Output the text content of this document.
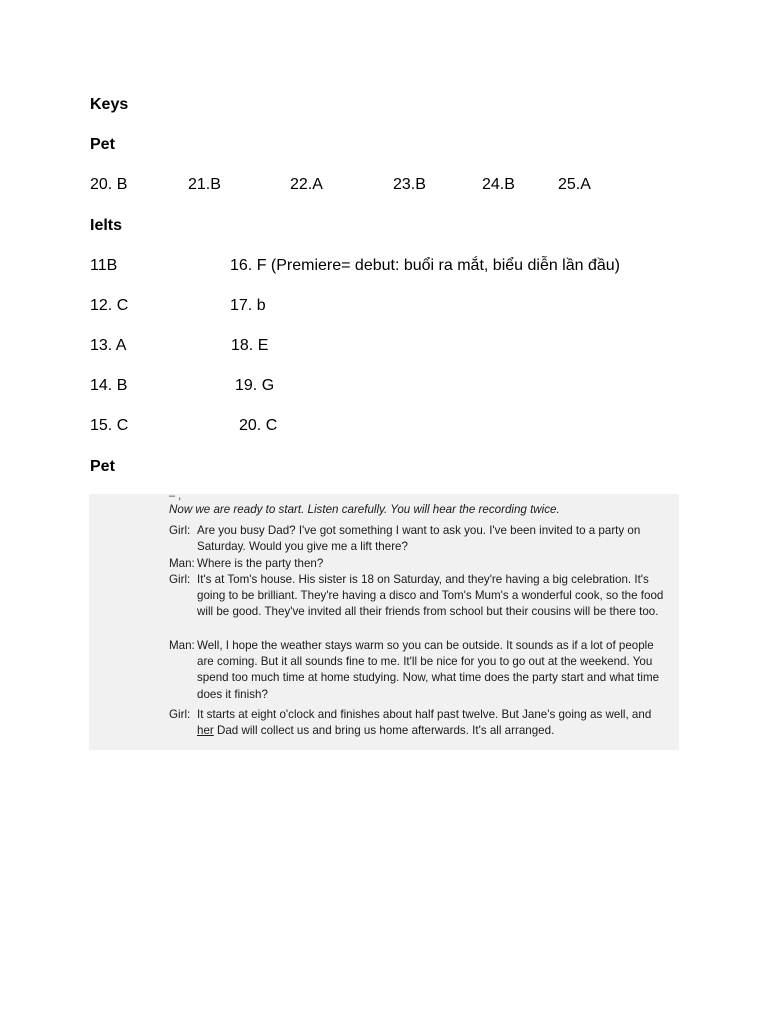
Keys
Pet
20. B	21.B	22.A	23.B	24.B	25.A
Ielts
11B	16. F (Premiere= debut: buổi ra mắt, biểu diễn lần đầu)
12. C	17. b
13. A	18. E
14. B	19. G
15. C	20. C
Pet
– ,
Now we are ready to start. Listen carefully. You will hear the recording twice.
Girl: Are you busy Dad? I've got something I want to ask you. I've been invited to a party on Saturday. Would you give me a lift there?
Man: Where is the party then?
Girl: It's at Tom's house. His sister is 18 on Saturday, and they're having a big celebration. It's going to be brilliant. They're having a disco and Tom's Mum's a wonderful cook, so the food will be good. They've invited all their friends from school but their cousins will be there too.
Man: Well, I hope the weather stays warm so you can be outside. It sounds as if a lot of people are coming. But it all sounds fine to me. It'll be nice for you to go out at the weekend. You spend too much time at home studying. Now, what time does the party start and what time does it finish?
Girl: It starts at eight o'clock and finishes about half past twelve. But Jane's going as well, and her Dad will collect us and bring us home afterwards. It's all arranged.
